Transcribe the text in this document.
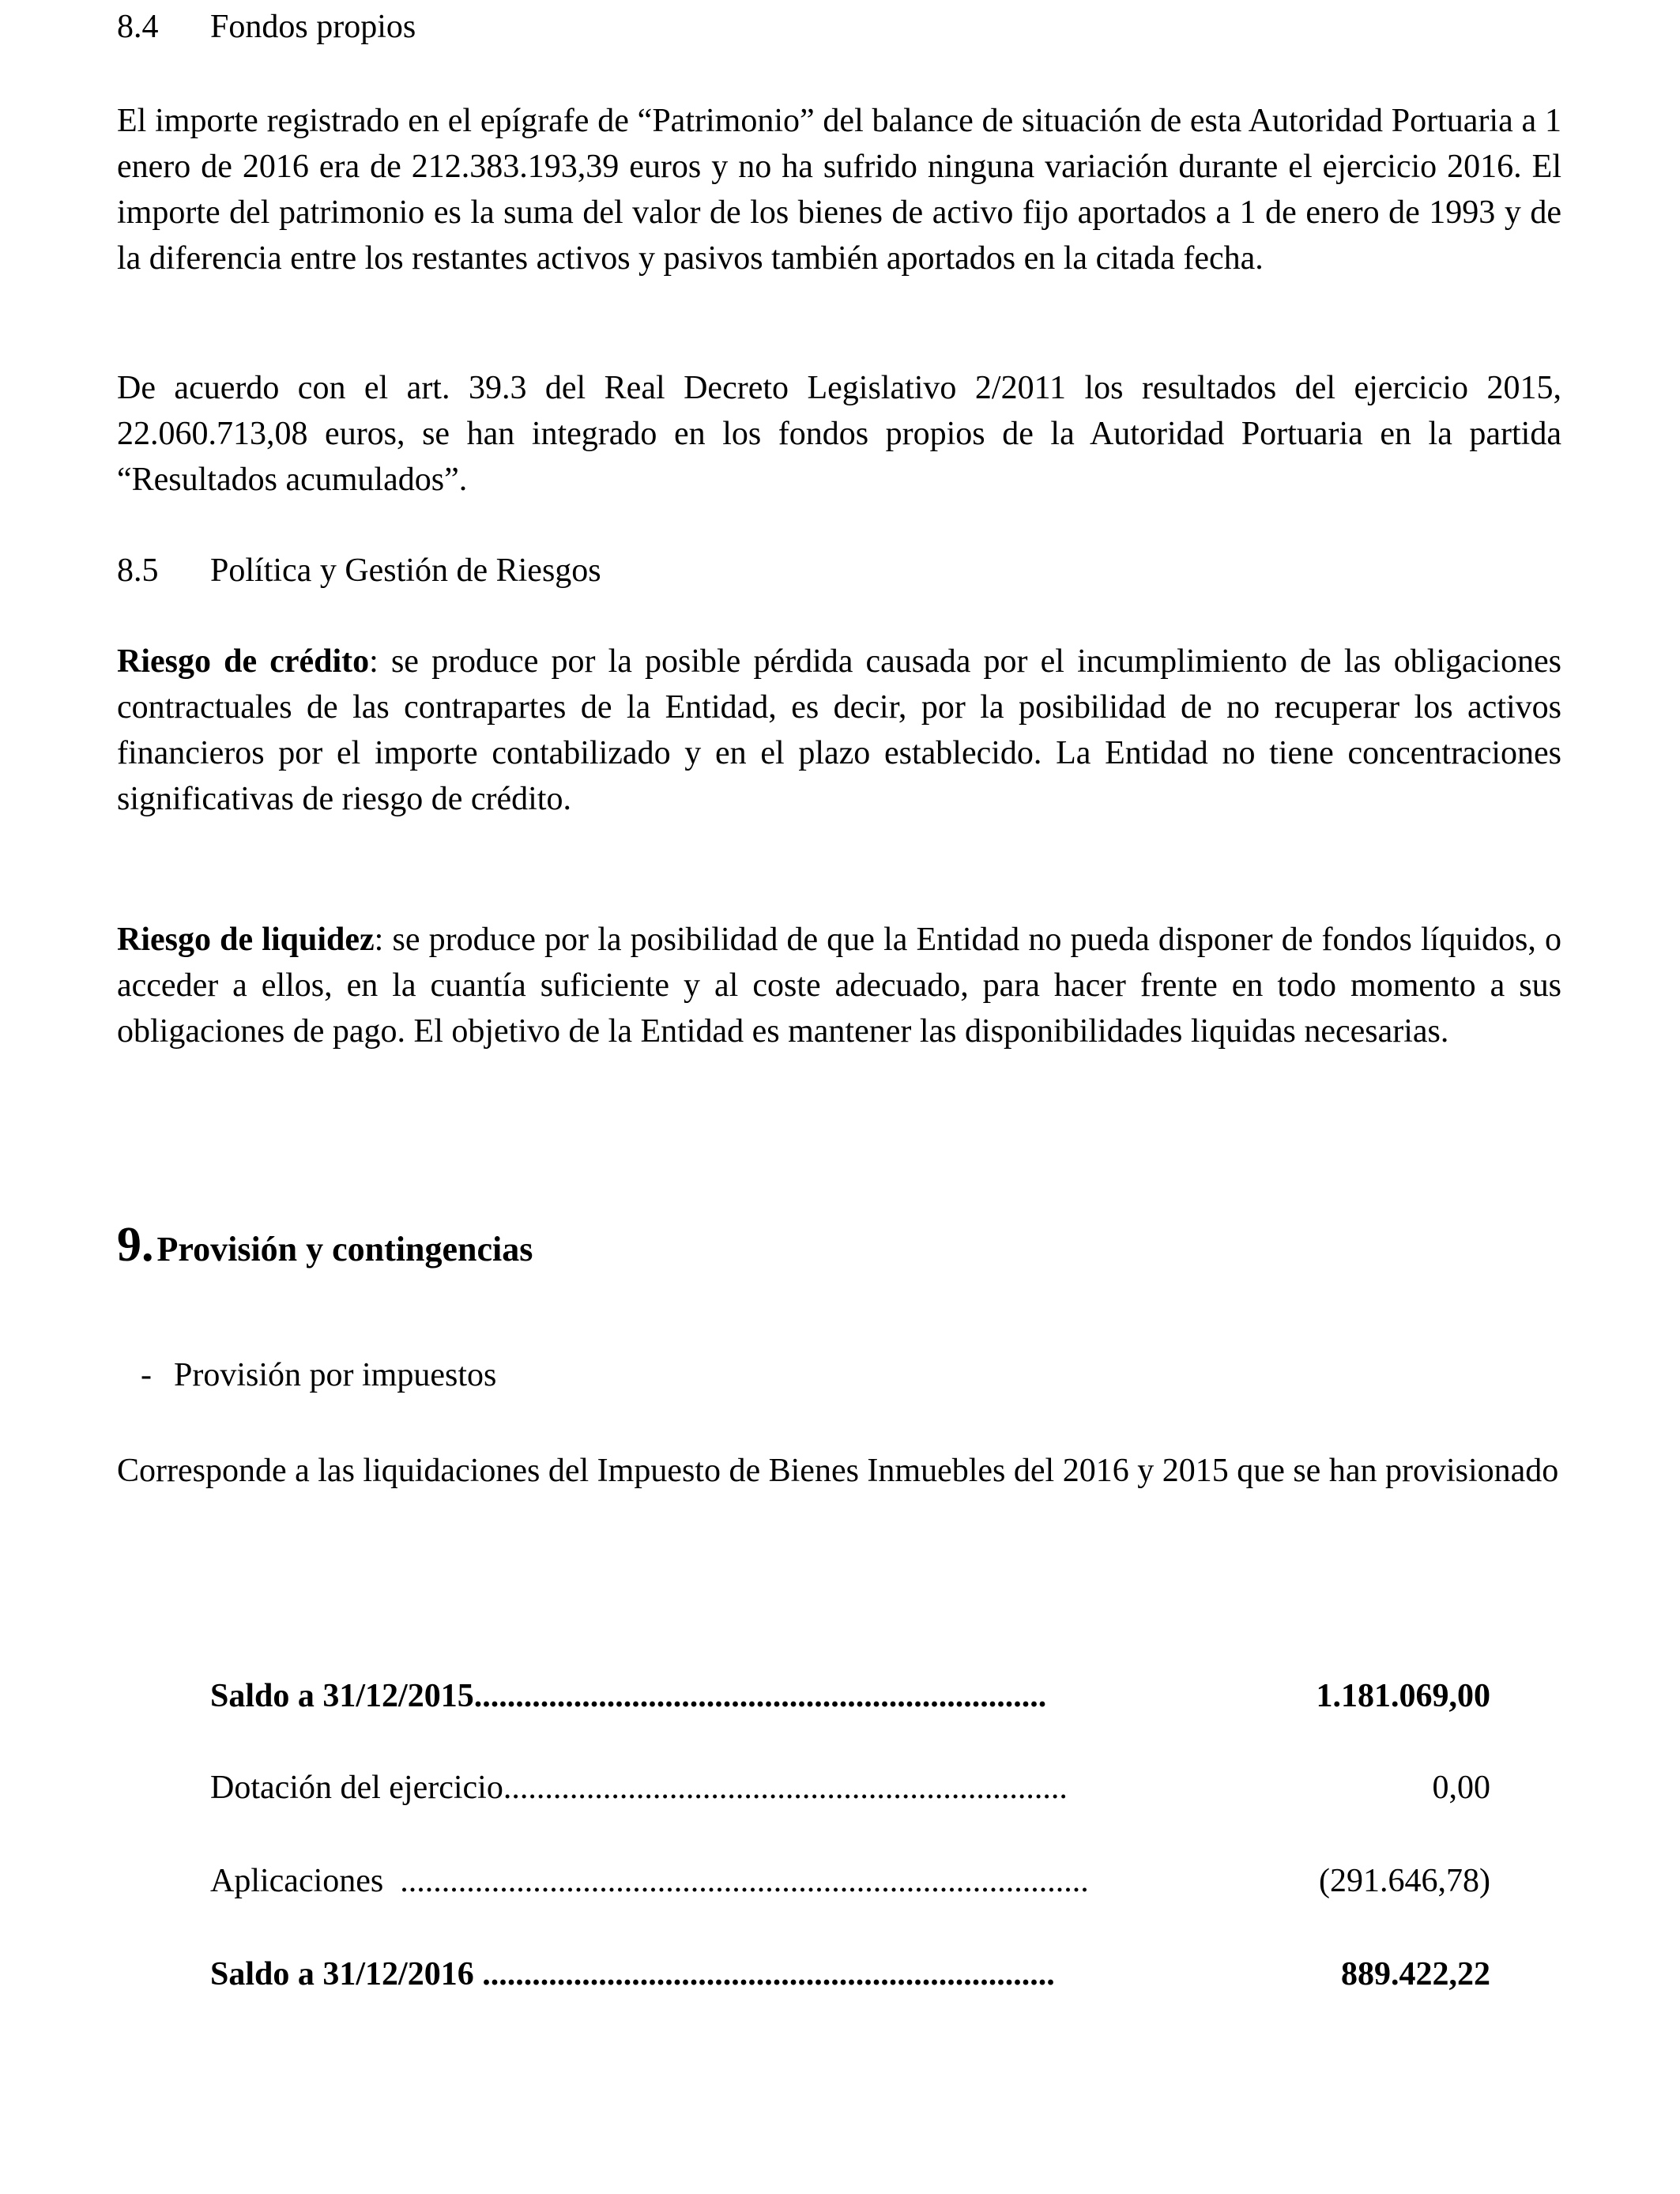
8.4 Fondos propios

El importe registrado en el epígrafe de “Patrimonio” del balance de situación de esta Autoridad Portuaria a 1 enero de 2016 era de 212.383.193,39 euros y no ha sufrido ninguna variación durante el ejercicio 2016. El importe del patrimonio es la suma del valor de los bienes de activo fijo aportados a 1 de enero de 1993 y de la diferencia entre los restantes activos y pasivos también aportados en la citada fecha.

De acuerdo con el art. 39.3 del Real Decreto Legislativo 2/2011 los resultados del ejercicio 2015, 22.060.713,08 euros, se han integrado en los fondos propios de la Autoridad Portuaria en la partida “Resultados acumulados”.

8.5 Política y Gestión de Riesgos

Riesgo de crédito: se produce por la posible pérdida causada por el incumplimiento de las obligaciones contractuales de las contrapartes de la Entidad, es decir, por la posibilidad de no recuperar los activos financieros por el importe contabilizado y en el plazo establecido. La Entidad no tiene concentraciones significativas de riesgo de crédito.

Riesgo de liquidez: se produce por la posibilidad de que la Entidad no pueda disponer de fondos líquidos, o acceder a ellos, en la cuantía suficiente y al coste adecuado, para hacer frente en todo momento a sus obligaciones de pago. El objetivo de la Entidad es mantener las disponibilidades liquidas necesarias.

9. Provisión y contingencias
- Provisión por impuestos

Corresponde a las liquidaciones del Impuesto de Bienes Inmuebles del 2016 y 2015 que se han provisionado

Saldo a 31/12/2015.....................................................................	1.181.069,00
Dotación del ejercicio....................................................................	0,00
Aplicaciones  ...................................................................................	(291.646,78)
Saldo a 31/12/2016 .....................................................................	889.422,22
